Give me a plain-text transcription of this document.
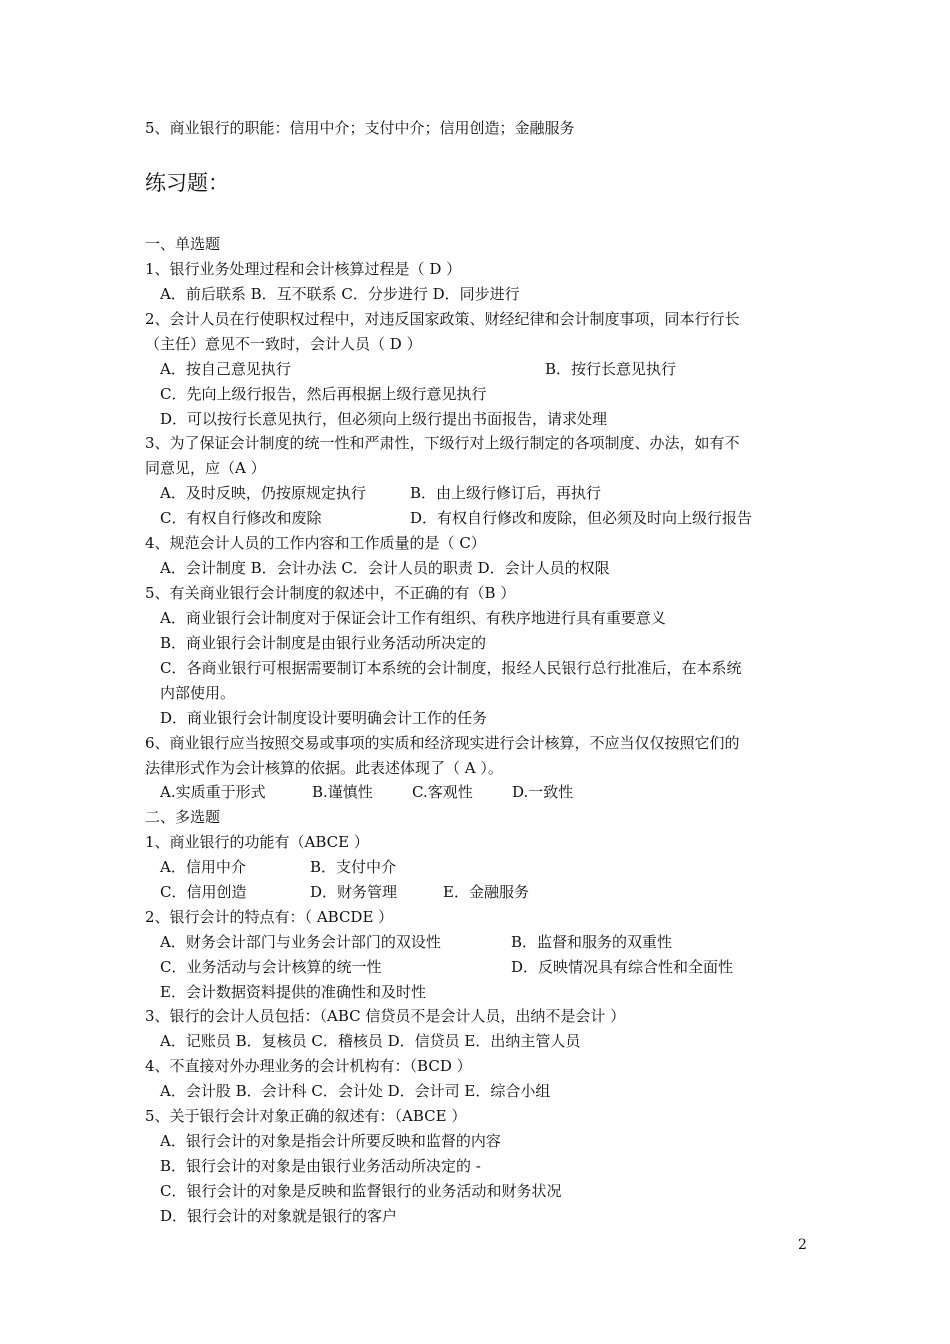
5、商业银行的职能：信用中介；支付中介；信用创造；金融服务
练习题：
一、单选题
1、银行业务处理过程和会计核算过程是（ D ）
A．前后联系 B．互不联系 C．分步进行 D．同步进行
2、会计人员在行使职权过程中，对违反国家政策、财经纪律和会计制度事项，同本行行长
（主任）意见不一致时，会计人员（ D ）
A．按自己意见执行	B．按行长意见执行
C．先向上级行报告，然后再根据上级行意见执行
D．可以按行长意见执行，但必须向上级行提出书面报告，请求处理
3、为了保证会计制度的统一性和严肃性，下级行对上级行制定的各项制度、办法，如有不
同意见，应（A ）
A．及时反映，仍按原规定执行	B．由上级行修订后，再执行
C．有权自行修改和废除	D．有权自行修改和废除，但必须及时向上级行报告
4、规范会计人员的工作内容和工作质量的是（ C）
A．会计制度 B．会计办法 C．会计人员的职责 D．会计人员的权限
5、有关商业银行会计制度的叙述中，不正确的有（B ）
A．商业银行会计制度对于保证会计工作有组织、有秩序地进行具有重要意义
B．商业银行会计制度是由银行业务活动所决定的
C．各商业银行可根据需要制订本系统的会计制度，报经人民银行总行批准后，在本系统
内部使用。
D．商业银行会计制度设计要明确会计工作的任务
6、商业银行应当按照交易或事项的实质和经济现实进行会计核算，不应当仅仅按照它们的
法律形式作为会计核算的依据。此表述体现了（ A ）。
A.实质重于形式	B.谨慎性	C.客观性	D.一致性
二、多选题
1、商业银行的功能有（ABCE ）
A．信用中介	B．支付中介
C．信用创造	D．财务管理	E．金融服务
2、银行会计的特点有：（ ABCDE ）
A．财务会计部门与业务会计部门的双设性	B．监督和服务的双重性
C．业务活动与会计核算的统一性	D．反映情况具有综合性和全面性
E．会计数据资料提供的准确性和及时性
3、银行的会计人员包括：（ABC 信贷员不是会计人员，出纳不是会计 ）
A．记账员 B．复核员 C．稽核员 D．信贷员 E．出纳主管人员
4、不直接对外办理业务的会计机构有：（BCD ）
A．会计股 B．会计科 C．会计处 D．会计司 E．综合小组
5、关于银行会计对象正确的叙述有：（ABCE ）
A．银行会计的对象是指会计所要反映和监督的内容
B．银行会计的对象是由银行业务活动所决定的 -
C．银行会计的对象是反映和监督银行的业务活动和财务状况
D．银行会计的对象就是银行的客户
2
